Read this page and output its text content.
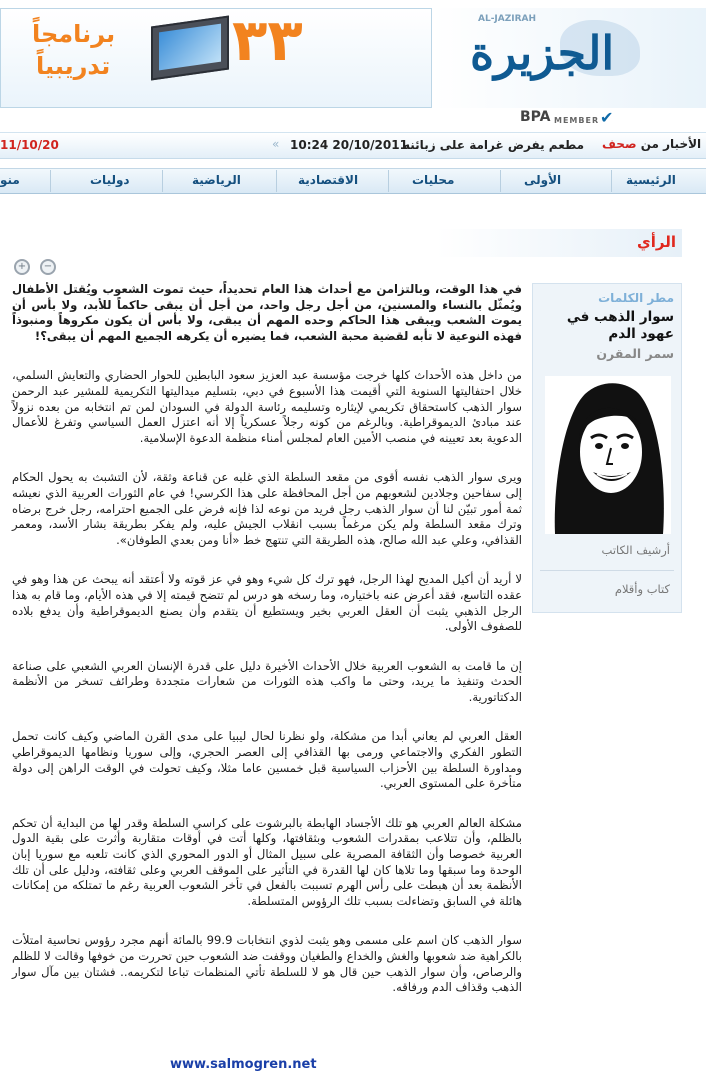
٣٣
برنامجاً
تدريبياً
AL-JAZIRAH
الجزيرة
BPA MEMBER ✔
الأخبار من صحف
مطعم يفرض غرامة على زبائنه
10:24 20/10/2011
«
11/10/20
الرئيسية
الأولى
محليات
الاقتصادية
الرياضية
دوليات
منو
الرأي
+	−

في هذا الوقت، وبالتزامن مع أحداث هذا العام تحديداً، حيث تموت الشعوب ويُقتل الأطفال ويُمثّل بالنساء والمسنين، من أجل رجل واحد، من أجل أن يبقى حاكماً للأبد، ولا بأس أن يموت الشعب ويبقى هذا الحاكم وحده المهم أن يبقى، ولا بأس أن يكون مكروهاً ومنبوذاً فهذه النوعية لا تأبه لقضية محبة الشعب، فما يضيره أن يكرهه الجميع المهم أن يبقى؟!

من داخل هذه الأحداث كلها خرجت مؤسسة عبد العزيز سعود البابطين للحوار الحضاري والتعايش السلمي، خلال احتفاليتها السنوية التي أقيمت هذا الأسبوع في دبي، بتسليم ميداليتها التكريمية للمشير عبد الرحمن سوار الذهب كاستحقاق تكريمي لإيثاره وتسليمه رئاسة الدولة في السودان لمن تم انتخابه من بعده نزولاً عند مبادئ الديموقراطية. وبالرغم من كونه رجلاً عسكرياً إلا أنه اعتزل العمل السياسي وتفرغ للأعمال الدعوية بعد تعيينه في منصب الأمين العام لمجلس أمناء منظمة الدعوة الإسلامية.

ويرى سوار الذهب نفسه أقوى من مقعد السلطة الذي غلبه عن قناعة وثقة، لأن التشبث به يحول الحكام إلى سفاحين وجلادين لشعوبهم من أجل المحافظة على هذا الكرسي! في عام الثورات العربية الذي نعيشه ثمة أمور تبيّن لنا أن سوار الذهب رجل فريد من نوعه لذا فإنه فرض على الجميع احترامه، رجل خرج برضاه وترك مقعد السلطة ولم يكن مرغماً بسبب انقلاب الجيش عليه، ولم يفكر بطريقة بشار الأسد، ومعمر القذافي، وعلي عبد الله صالح، هذه الطريقة التي تنتهج خط «أنا ومن بعدي الطوفان».

لا أريد أن أكيل المديح لهذا الرجل، فهو ترك كل شيء وهو في عز قوته ولا أعتقد أنه يبحث عن هذا وهو في عقده التاسع، فقد أعرض عنه باختياره، وما رسخه هو درس لم تتضح قيمته إلا في هذه الأيام، وما قام به هذا الرجل الذهبي يثبت أن العقل العربي بخير ويستطيع أن يتقدم وأن يصنع الديموقراطية وأن يدفع بلاده للصفوف الأولى.

إن ما قامت به الشعوب العربية خلال الأحداث الأخيرة دليل على قدرة الإنسان العربي الشعبي على صناعة الحدث وتنفيذ ما يريد، وحتى ما واكب هذه الثورات من شعارات متجددة وطرائف تسخر من الأنظمة الدكتاتورية.

العقل العربي لم يعاني أبدا من مشكلة، ولو نظرنا لحال ليبيا على مدى القرن الماضي وكيف كانت تحمل التطور الفكري والاجتماعي ورمى بها القذافي إلى العصر الحجري، وإلى سوريا ونظامها الديموقراطي ومداورة السلطة بين الأحزاب السياسية قبل خمسين عاما مثلا، وكيف تحولت في الوقت الراهن إلى دولة متأخرة على المستوى العربي.

مشكلة العالم العربي هو تلك الأجساد الهابطة بالبرشوت على كراسي السلطة وقدر لها من البداية أن تحكم بالظلم، وأن تتلاعب بمقدرات الشعوب وبثقافتها، وكلها أتت في أوقات متقاربة وأثرت على بقية الدول العربية خصوصا وأن الثقافة المصرية على سبيل المثال أو الدور المحوري الذي كانت تلعبه مع سوريا إبان الوحدة وما سبقها وما تلاها كان لها القدرة في التأثير على الموقف العربي وعلى ثقافته، ودليل على أن تلك الأنظمة بعد أن هبطت على رأس الهرم تسببت بالفعل في تأخر الشعوب العربية رغم ما تمتلكه من إمكانات هائلة في السابق وتضاءلت بسبب تلك الرؤوس المتسلطة.

سوار الذهب كان اسم على مسمى وهو يثبت لذوي انتخابات 99.9 بالمائة أنهم مجرد رؤوس نحاسية امتلأت بالكراهية ضد شعوبها والغش والخداع والطغيان ووقفت ضد الشعوب حين تحررت من خوفها وقالت لا للظلم والرصاص، وأن سوار الذهب حين قال هو لا للسلطة تأتي المنظمات تباعا لتكريمه.. فشتان بين مآل سوار الذهب وقذاف الدم ورفاقه.

www.salmogren.net
مطر الكلمات
سوار الذهب في عهود الدم
سمر المقرن
أرشيف الكاتب
كتاب وأقلام
